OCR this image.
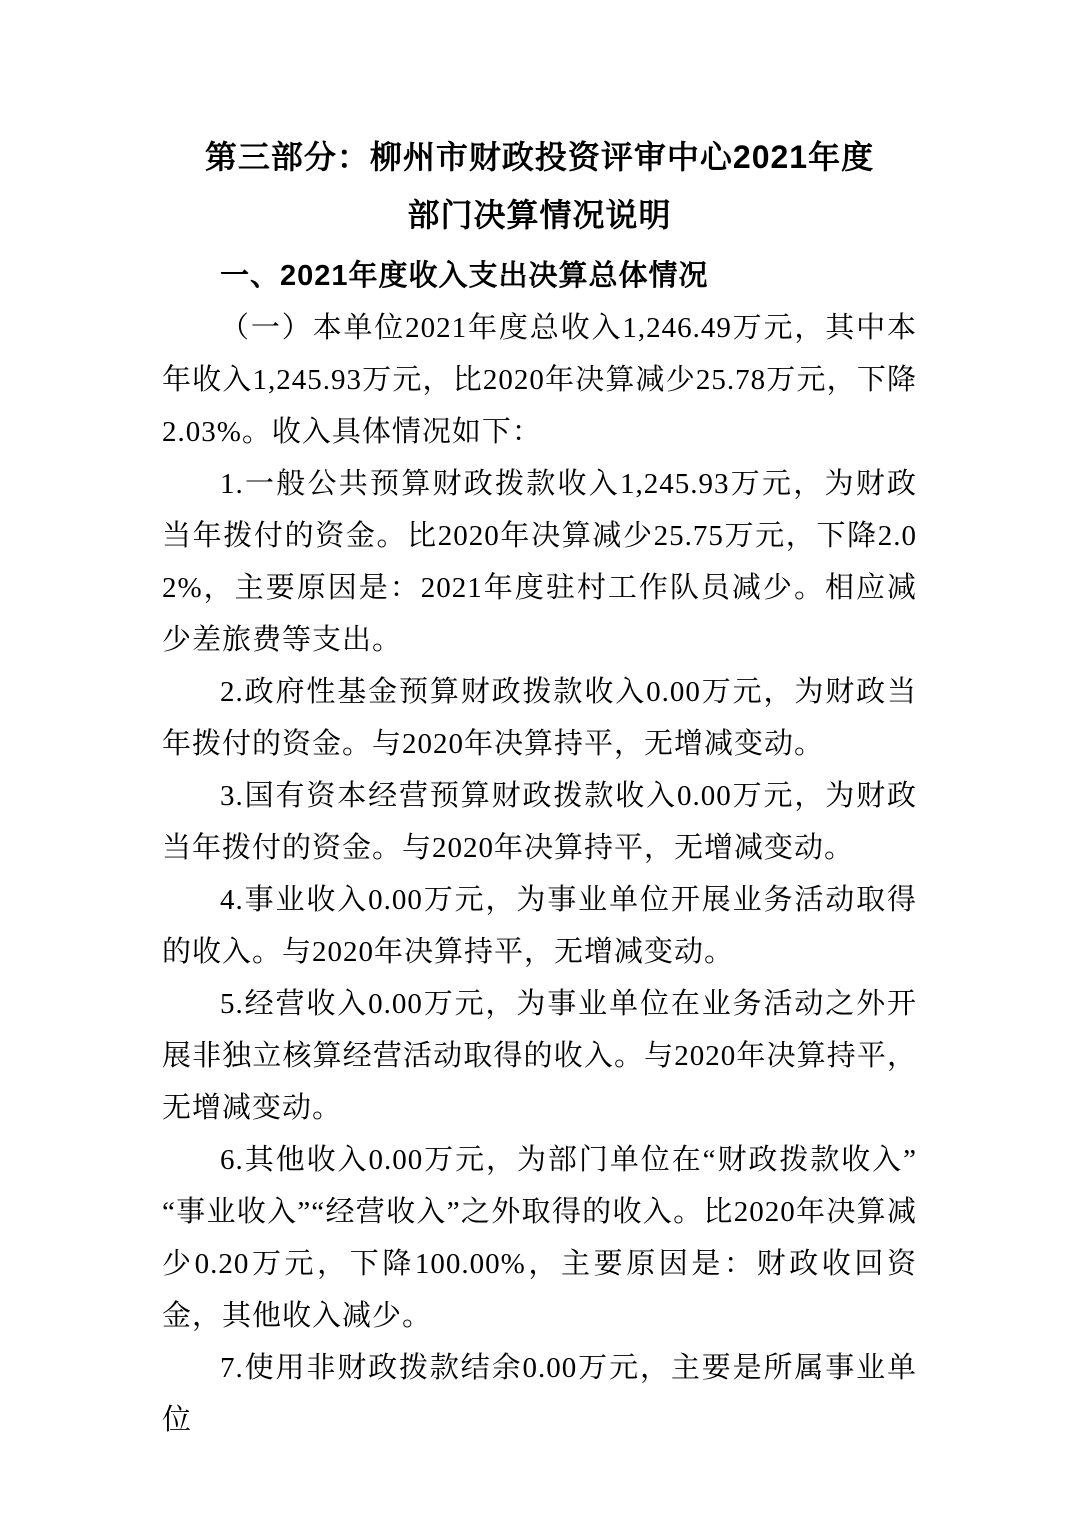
第三部分：柳州市财政投资评审中心2021年度部门决算情况说明
一、2021年度收入支出决算总体情况

（一）本单位2021年度总收入1,246.49万元，其中本年收入1,245.93万元，比2020年决算减少25.78万元，下降2.03%。收入具体情况如下：

1.一般公共预算财政拨款收入1,245.93万元，为财政当年拨付的资金。比2020年决算减少25.75万元，下降2.02%，主要原因是：2021年度驻村工作队员减少。相应减少差旅费等支出。

2.政府性基金预算财政拨款收入0.00万元，为财政当年拨付的资金。与2020年决算持平，无增减变动。

3.国有资本经营预算财政拨款收入0.00万元，为财政当年拨付的资金。与2020年决算持平，无增减变动。

4.事业收入0.00万元，为事业单位开展业务活动取得的收入。与2020年决算持平，无增减变动。

5.经营收入0.00万元，为事业单位在业务活动之外开展非独立核算经营活动取得的收入。与2020年决算持平，无增减变动。

6.其他收入0.00万元，为部门单位在“财政拨款收入”“事业收入”“经营收入”之外取得的收入。比2020年决算减少0.20万元，下降100.00%，主要原因是：财政收回资金，其他收入减少。

7.使用非财政拨款结余0.00万元，主要是所属事业单位
